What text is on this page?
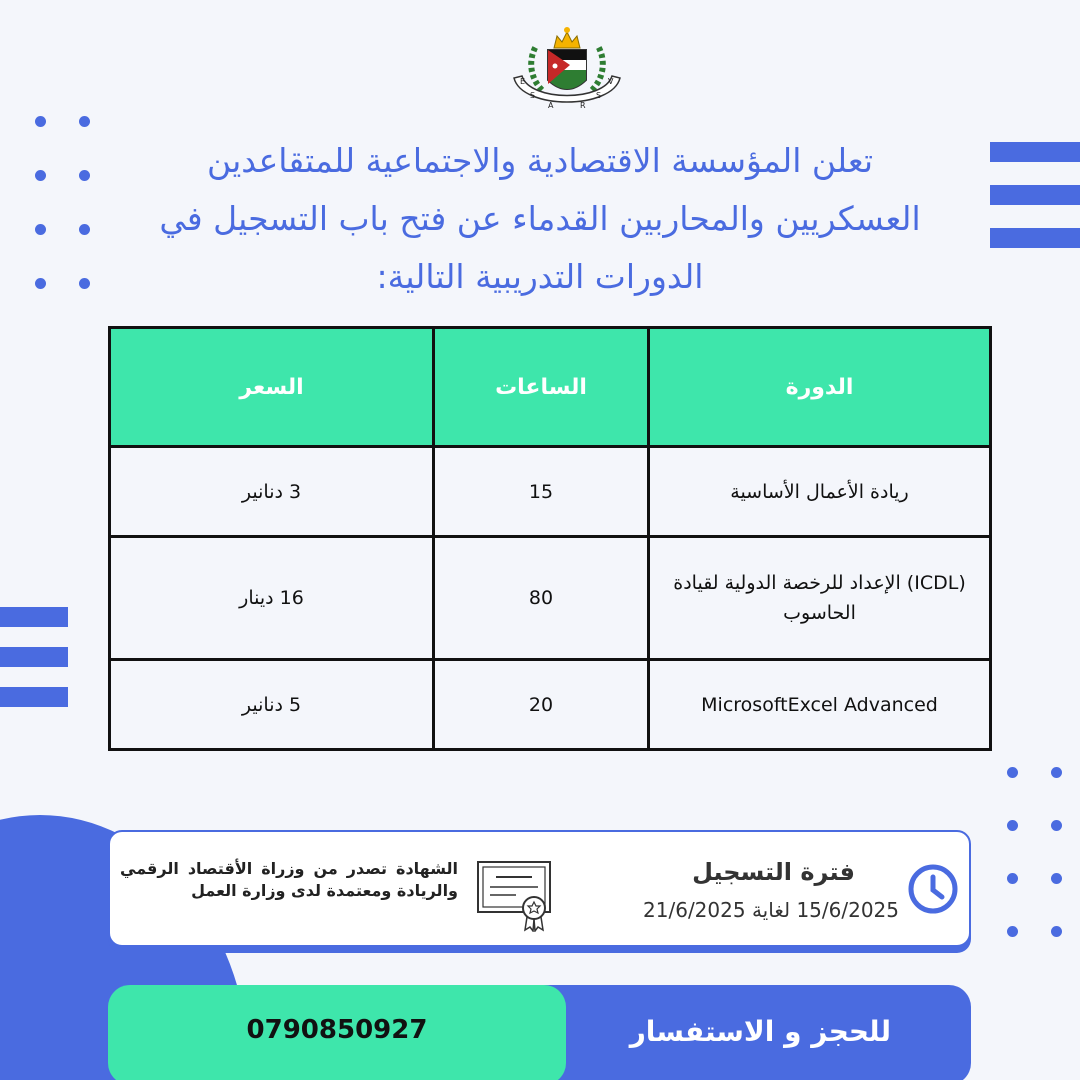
E
S
A	R
S
V
تعلن المؤسسة الاقتصادية والاجتماعية للمتقاعدين العسكريين والمحاربين القدماء عن فتح باب التسجيل في الدورات التدريبية التالية:
الدورة	الساعات	السعر
ريادة الأعمال الأساسية	15	3 دنانير
(ICDL) الإعداد للرخصة الدولية لقيادة الحاسوب	80	16 دينار
MicrosoftExcel Advanced	20	5 دنانير
فترة التسجيل
15/6/2025 لغاية 21/6/2025
الشهادة تصدر من وزراة الأقتصاد الرقمي والريادة ومعتمدة لدى وزارة العمل
0790850927	للحجز و الاستفسار
